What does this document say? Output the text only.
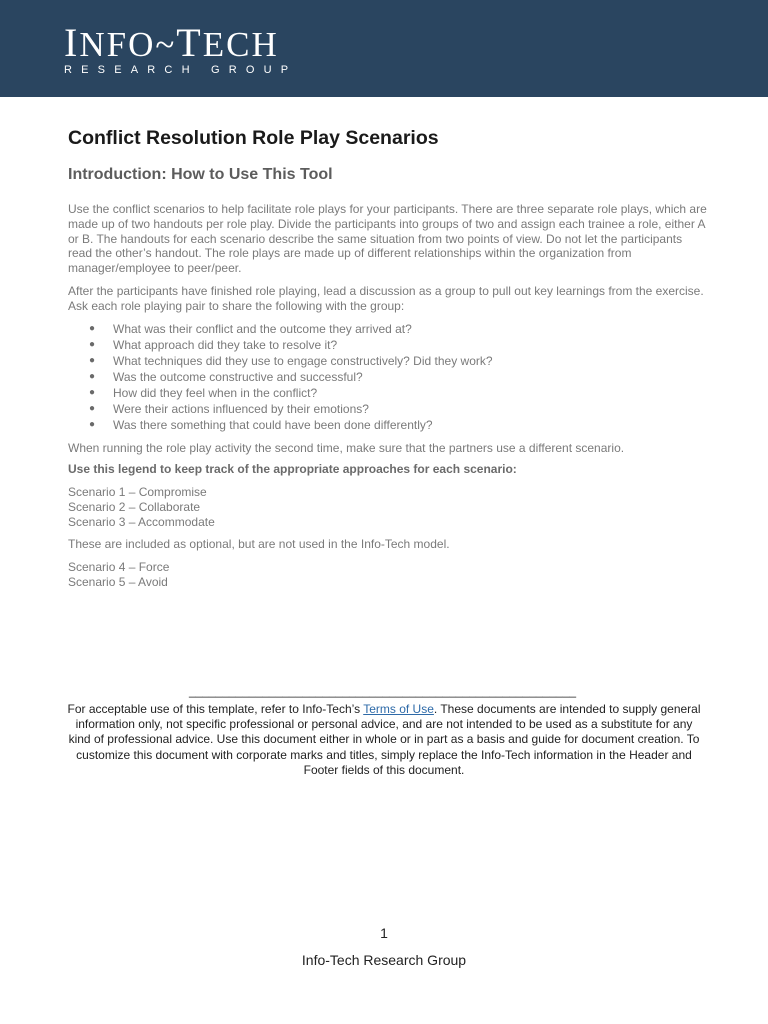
INFO~TECH
RESEARCH GROUP
Conflict Resolution Role Play Scenarios
Introduction: How to Use This Tool

Use the conflict scenarios to help facilitate role plays for your participants. There are three separate role plays, which are made up of two handouts per role play. Divide the participants into groups of two and assign each trainee a role, either A or B. The handouts for each scenario describe the same situation from two points of view. Do not let the participants read the other’s handout. The role plays are made up of different relationships within the organization from manager/employee to peer/peer.

After the participants have finished role playing, lead a discussion as a group to pull out key learnings from the exercise. Ask each role playing pair to share the following with the group:

● What was their conflict and the outcome they arrived at?
● What approach did they take to resolve it?
● What techniques did they use to engage constructively? Did they work?
● Was the outcome constructive and successful?
● How did they feel when in the conflict?
● Were their actions influenced by their emotions?
● Was there something that could have been done differently?

When running the role play activity the second time, make sure that the partners use a different scenario.

Use this legend to keep track of the appropriate approaches for each scenario:

Scenario 1 – Compromise

Scenario 2 – Collaborate

Scenario 3 – Accommodate

These are included as optional, but are not used in the Info-Tech model.

Scenario 4 – Force

Scenario 5 – Avoid

__________________________________________________________
For acceptable use of this template, refer to Info-Tech’s Terms of Use. These documents are intended to supply general information only, not specific professional or personal advice, and are not intended to be used as a substitute for any kind of professional advice. Use this document either in whole or in part as a basis and guide for document creation. To customize this document with corporate marks and titles, simply replace the Info-Tech information in the Header and Footer fields of this document.
1
Info-Tech Research Group
